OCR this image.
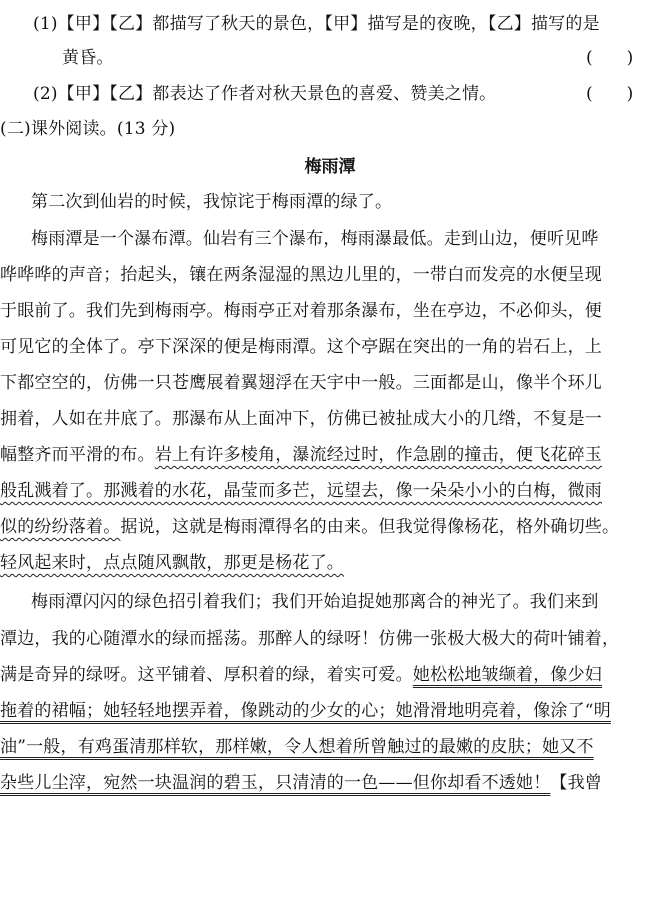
(1)【甲】【乙】都描写了秋天的景色，【甲】描写是的夜晚，【乙】描写的是
黄昏。	(　　)
(2)【甲】【乙】都表达了作者对秋天景色的喜爱、赞美之情。	(　　)
(二)课外阅读。(13 分)
梅雨潭
第二次到仙岩的时候，我惊诧于梅雨潭的绿了。
梅雨潭是一个瀑布潭。仙岩有三个瀑布，梅雨瀑最低。走到山边，便听见哗
哗哗哗的声音；抬起头，镶在两条湿湿的黑边儿里的，一带白而发亮的水便呈现
于眼前了。我们先到梅雨亭。梅雨亭正对着那条瀑布，坐在亭边，不必仰头，便
可见它的全体了。亭下深深的便是梅雨潭。这个亭踞在突出的一角的岩石上，上
下都空空的，仿佛一只苍鹰展着翼翅浮在天宇中一般。三面都是山，像半个环儿
拥着，人如在井底了。那瀑布从上面冲下，仿佛已被扯成大小的几绺，不复是一
幅整齐而平滑的布。岩上有许多棱角，瀑流经过时，作急剧的撞击，便飞花碎玉
般乱溅着了。那溅着的水花，晶莹而多芒，远望去，像一朵朵小小的白梅，微雨
似的纷纷落着。据说，这就是梅雨潭得名的由来。但我觉得像杨花，格外确切些。
轻风起来时，点点随风飘散，那更是杨花了。
梅雨潭闪闪的绿色招引着我们；我们开始追捉她那离合的神光了。我们来到
潭边，我的心随潭水的绿而摇荡。那醉人的绿呀！仿佛一张极大极大的荷叶铺着，
满是奇异的绿呀。这平铺着、厚积着的绿，着实可爱。她松松地皱缬着，像少妇
拖着的裙幅；她轻轻地摆弄着，像跳动的少女的心；她滑滑地明亮着，像涂了“明
油”一般，有鸡蛋清那样软，那样嫩，令人想着所曾触过的最嫩的皮肤；她又不
杂些儿尘滓，宛然一块温润的碧玉，只清清的一色——但你却看不透她！【我曾
